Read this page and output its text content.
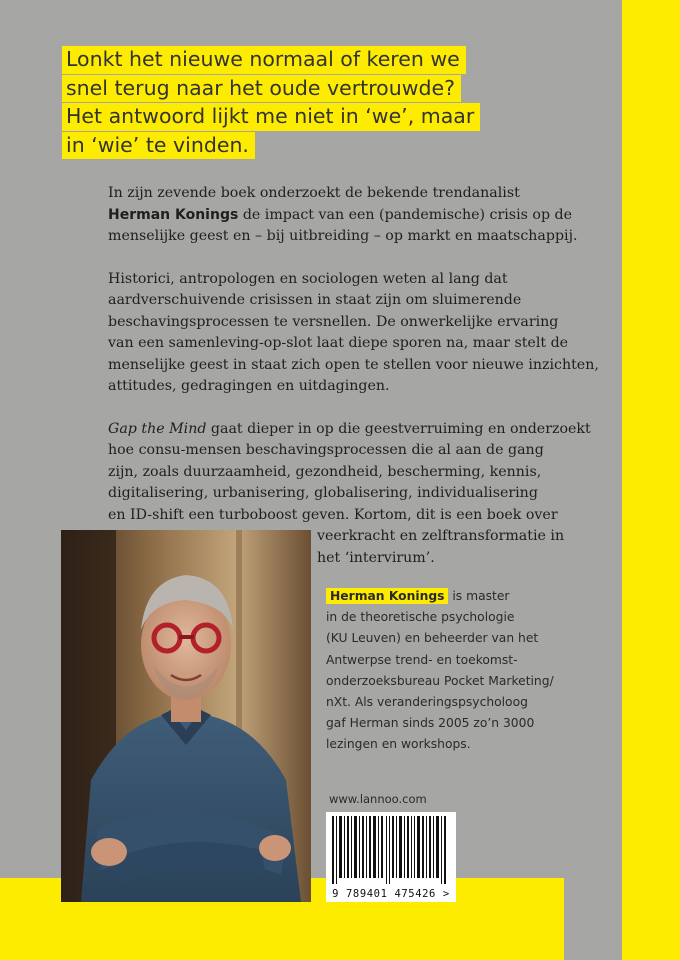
Lonkt het nieuwe normaal of keren we
snel terug naar het oude vertrouwde?
Het antwoord lijkt me niet in ‘we’, maar
in ‘wie’ te vinden.

In zijn zevende boek onderzoekt de bekende trendanalist
Herman Konings de impact van een (pandemische) crisis op de
menselijke geest en – bij uitbreiding – op markt en maatschappij.

Historici, antropologen en sociologen weten al lang dat
aardverschuivende crisissen in staat zijn om sluimerende
beschavingsprocessen te versnellen. De onwerkelijke ervaring
van een samenleving-op-slot laat diepe sporen na, maar stelt de
menselijke geest in staat zich open te stellen voor nieuwe inzichten,
attitudes, gedragingen en uitdagingen.

Gap the Mind gaat dieper in op die geestverruiming en onderzoekt
hoe consu-mensen beschavingsprocessen die al aan de gang
zijn, zoals duurzaamheid, gezondheid, bescherming, kennis,
digitalisering, urbanisering, globalisering, individualisering
en ID-shift een turboboost geven. Kortom, dit is een boek over
veerkracht en zelftransformatie in
het ‘intervirum’.

Herman Konings is master
in de theoretische psychologie
(KU Leuven) en beheerder van het
Antwerpse trend- en toekomst-
onderzoeksbureau Pocket Marketing/
nXt. Als veranderingspsycholoog
gaf Herman sinds 2005 zo’n 3000
lezingen en workshops.
www.lannoo.com
9 789401 475426 >
